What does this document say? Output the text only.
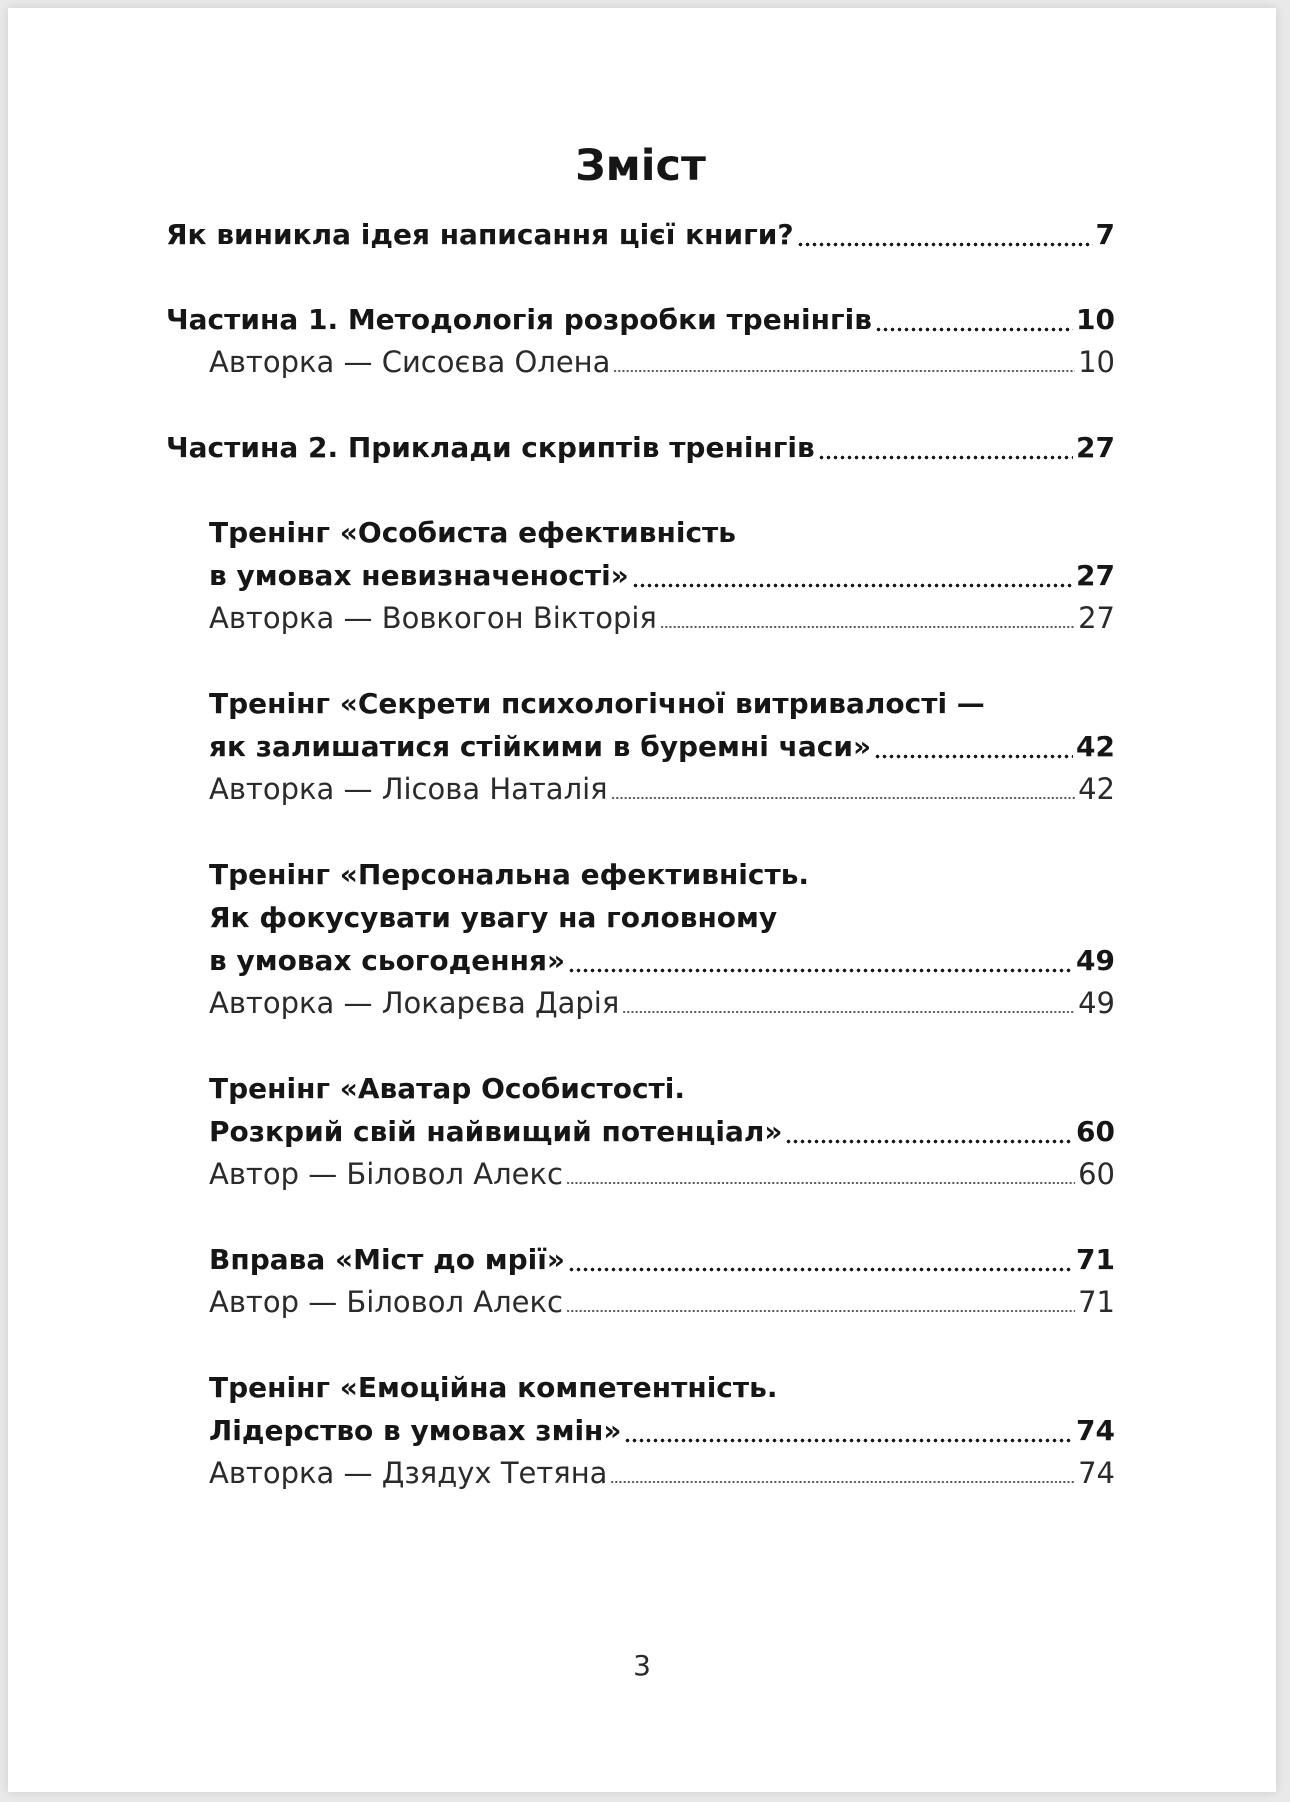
Зміст
Як виникла ідея написання цієї книги?	7
Частина 1. Методологія розробки тренінгів	10
Авторка — Сисоєва Олена	10
Частина 2. Приклади скриптів тренінгів	27
Тренінг «Особиста ефективність
в умовах невизначеності»	27
Авторка — Вовкогон Вікторія	27
Тренінг «Секрети психологічної витривалості —
як залишатися стійкими в буремні часи»	42
Авторка — Лісова Наталія	42
Тренінг «Персональна ефективність.
Як фокусувати увагу на головному
в умовах сьогодення»	49
Авторка — Локарєва Дарія	49
Тренінг «Аватар Особистості.
Розкрий свій найвищий потенціал»	60
Автор — Біловол Алекс	60
Вправа «Міст до мрії»	71
Автор — Біловол Алекс	71
Тренінг «Емоційна компетентність.
Лідерство в умовах змін»	74
Авторка — Дзядух Тетяна	74
3
